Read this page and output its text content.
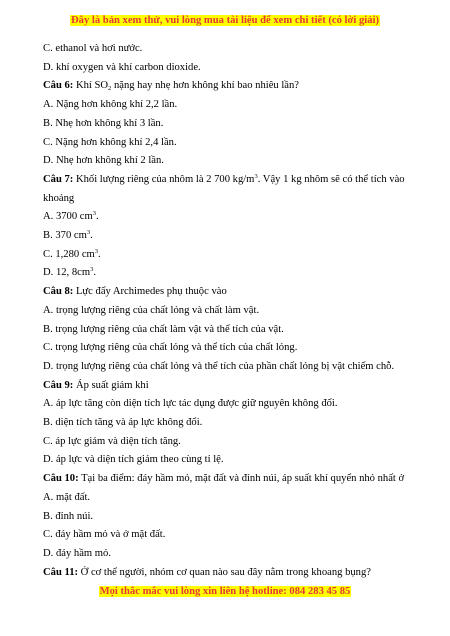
Đây là bản xem thử, vui lòng mua tài liệu để xem chi tiết (có lời giải)
C. ethanol và hơi nước.
D. khí oxygen và khí carbon dioxide.
Câu 6: Khí $SO_2$ nặng hay nhẹ hơn không khí bao nhiêu lần?
A. Nặng hơn không khí 2,2 lần.
B. Nhẹ hơn không khí 3 lần.
C. Nặng hơn không khí 2,4 lần.
D. Nhẹ hơn không khí 2 lần.
Câu 7: Khối lượng riêng của nhôm là 2 700 $kg/m^3$. Vậy 1 kg nhôm sẽ có thể tích vào khoảng
A. 3700 $cm^3$.
B. 370 $cm^3$.
C. 1,280 $cm^3$.
D. 12, $8cm^3$.
Câu 8: Lực đẩy Archimedes phụ thuộc vào
A. trọng lượng riêng của chất lỏng và chất làm vật.
B. trọng lượng riêng của chất làm vật và thể tích của vật.
C. trọng lượng riêng của chất lỏng và thể tích của chất lỏng.
D. trọng lượng riêng của chất lỏng và thể tích của phần chất lỏng bị vật chiếm chỗ.
Câu 9: Áp suất giảm khi
A. áp lực tăng còn diện tích lực tác dụng được giữ nguyên không đổi.
B. diện tích tăng và áp lực không đổi.
C. áp lực giảm và diện tích tăng.
D. áp lực và diện tích giảm theo cùng tỉ lệ.
Câu 10: Tại ba điểm: đáy hầm mỏ, mặt đất và đỉnh núi, áp suất khí quyển nhỏ nhất ở
A. mặt đất.
B. đỉnh núi.
C. đáy hầm mỏ và ở mặt đất.
D. đáy hầm mỏ.
Câu 11: Ở cơ thể người, nhóm cơ quan nào sau đây nằm trong khoang bụng?
Mọi thắc mắc vui lòng xin liên hệ hotline: 084 283 45 85
